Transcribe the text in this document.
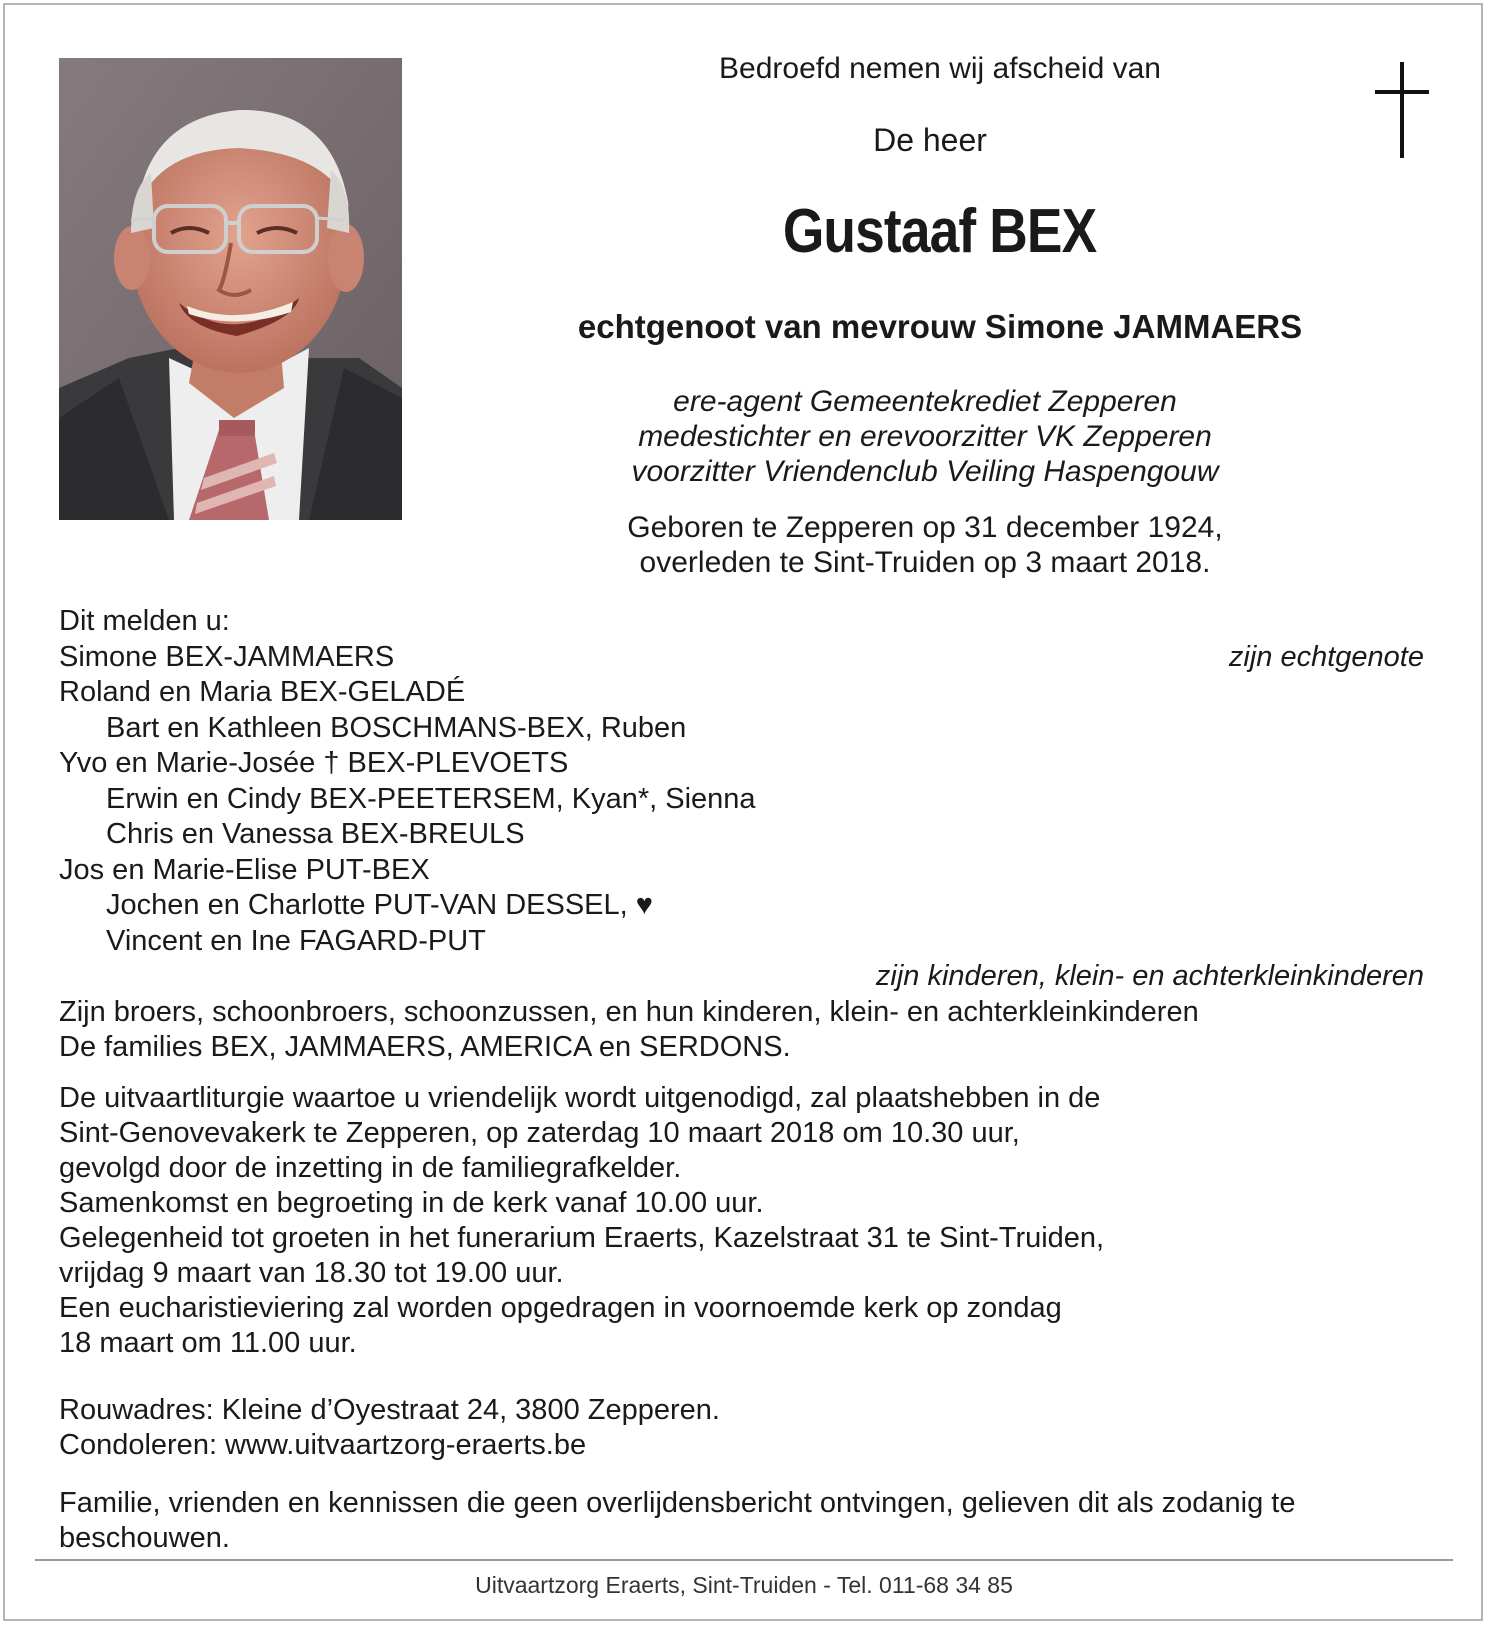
Bedroefd nemen wij afscheid van
De heer
Gustaaf BEX
echtgenoot van mevrouw Simone JAMMAERS
ere-agent Gemeentekrediet Zepperen
medestichter en erevoorzitter VK Zepperen
voorzitter Vriendenclub Veiling Haspengouw
Geboren te Zepperen op 31 december 1924,
overleden te Sint-Truiden op 3 maart 2018.
Dit melden u:
Simone BEX-JAMMAERS	zijn echtgenote
Roland en Maria BEX-GELADÉ
Bart en Kathleen BOSCHMANS-BEX, Ruben
Yvo en Marie-Josée † BEX-PLEVOETS
Erwin en Cindy BEX-PEETERSEM, Kyan*, Sienna
Chris en Vanessa BEX-BREULS
Jos en Marie-Elise PUT-BEX
Jochen en Charlotte PUT-VAN DESSEL, ♥
Vincent en Ine FAGARD-PUT
zijn kinderen, klein- en achterkleinkinderen
Zijn broers, schoonbroers, schoonzussen, en hun kinderen, klein- en achterkleinkinderen
De families BEX, JAMMAERS, AMERICA en SERDONS.
De uitvaartliturgie waartoe u vriendelijk wordt uitgenodigd, zal plaatshebben in de
Sint-Genovevakerk te Zepperen, op zaterdag 10 maart 2018 om 10.30 uur,
gevolgd door de inzetting in de familiegrafkelder.
Samenkomst en begroeting in de kerk vanaf 10.00 uur.
Gelegenheid tot groeten in het funerarium Eraerts, Kazelstraat 31 te Sint-Truiden,
vrijdag 9 maart van 18.30 tot 19.00 uur.
Een eucharistieviering zal worden opgedragen in voornoemde kerk op zondag
18 maart om 11.00 uur.
Rouwadres: Kleine d’Oyestraat 24, 3800 Zepperen.
Condoleren: www.uitvaartzorg-eraerts.be
Familie, vrienden en kennissen die geen overlijdensbericht ontvingen, gelieven dit als zodanig te
beschouwen.
Uitvaartzorg Eraerts, Sint-Truiden - Tel. 011-68 34 85
